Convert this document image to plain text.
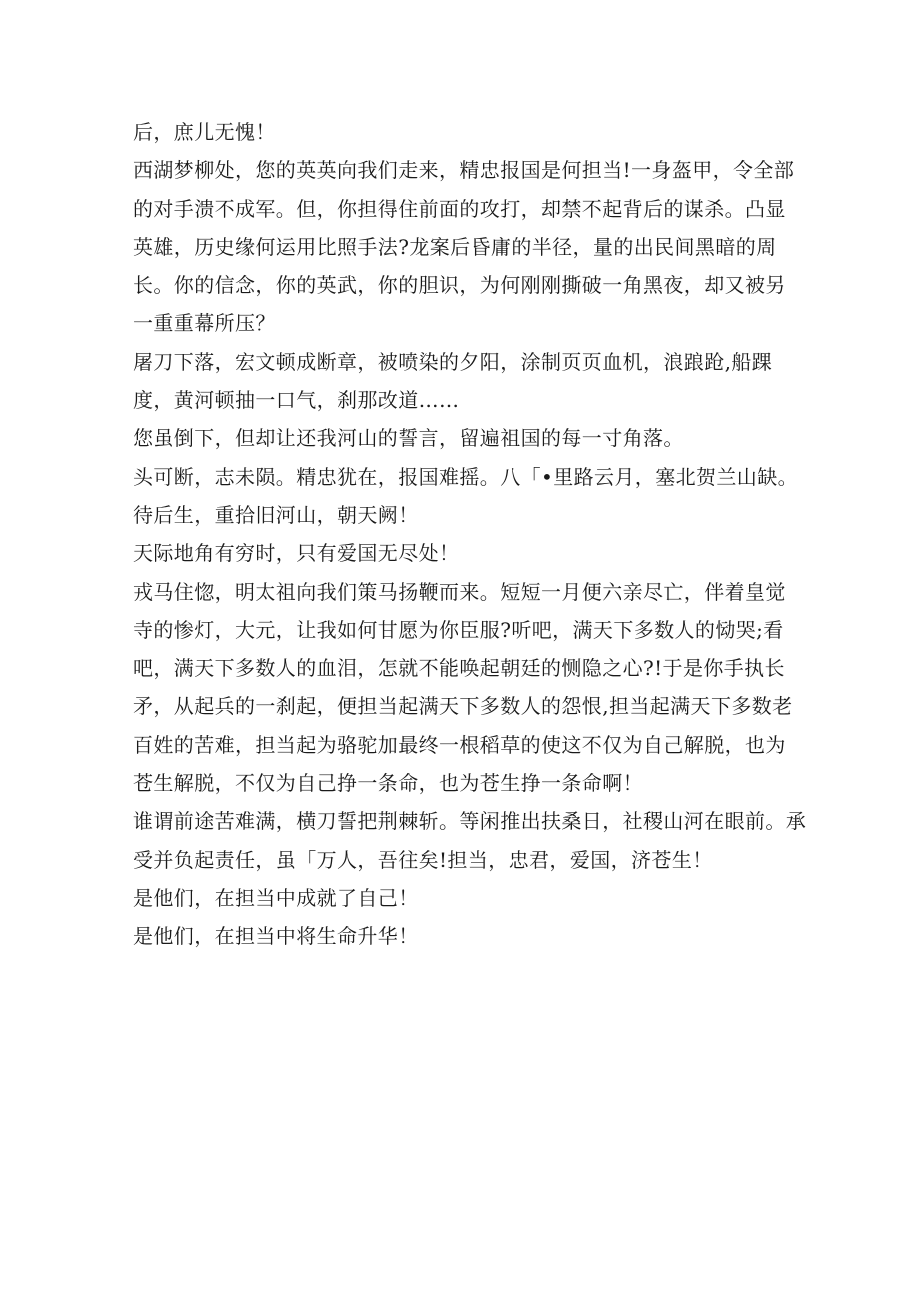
后，庶儿无愧！
西湖梦柳处，您的英英向我们走来，精忠报国是何担当!一身盔甲，令全部
的对手溃不成军。但，你担得住前面的攻打，却禁不起背后的谋杀。凸显
英雄，历史缘何运用比照手法?龙案后昏庸的半径，量的出民间黑暗的周
长。你的信念，你的英武，你的胆识，为何刚刚撕破一角黑夜，却又被另
一重重幕所压？
屠刀下落，宏文顿成断章，被喷染的夕阳，涂制页页血机，浪踉跄,船踝
度，黄河顿抽一口气，刹那改道……
您虽倒下，但却让还我河山的誓言，留遍祖国的每一寸角落。
头可断，志未陨。精忠犹在，报国难摇。八「•里路云月，塞北贺兰山缺。
待后生，重拾旧河山，朝天阙！
天际地角有穷时，只有爱国无尽处！
戎马住惚，明太祖向我们策马扬鞭而来。短短一月便六亲尽亡，伴着皇觉
寺的惨灯，大元，让我如何甘愿为你臣服?听吧，满天下多数人的恸哭;看
吧，满天下多数人的血泪，怎就不能唤起朝廷的恻隐之心?!于是你手执长
矛，从起兵的一刹起，便担当起满天下多数人的怨恨,担当起满天下多数老
百姓的苦难，担当起为骆驼加最终一根稻草的使这不仅为自己解脱，也为
苍生解脱，不仅为自己挣一条命，也为苍生挣一条命啊！
谁谓前途苦难满，横刀誓把荆棘斩。等闲推出扶桑日，社稷山河在眼前。承
受并负起责任，虽「万人，吾往矣!担当，忠君，爱国，济苍生！
是他们，在担当中成就了自己！
是他们，在担当中将生命升华！
